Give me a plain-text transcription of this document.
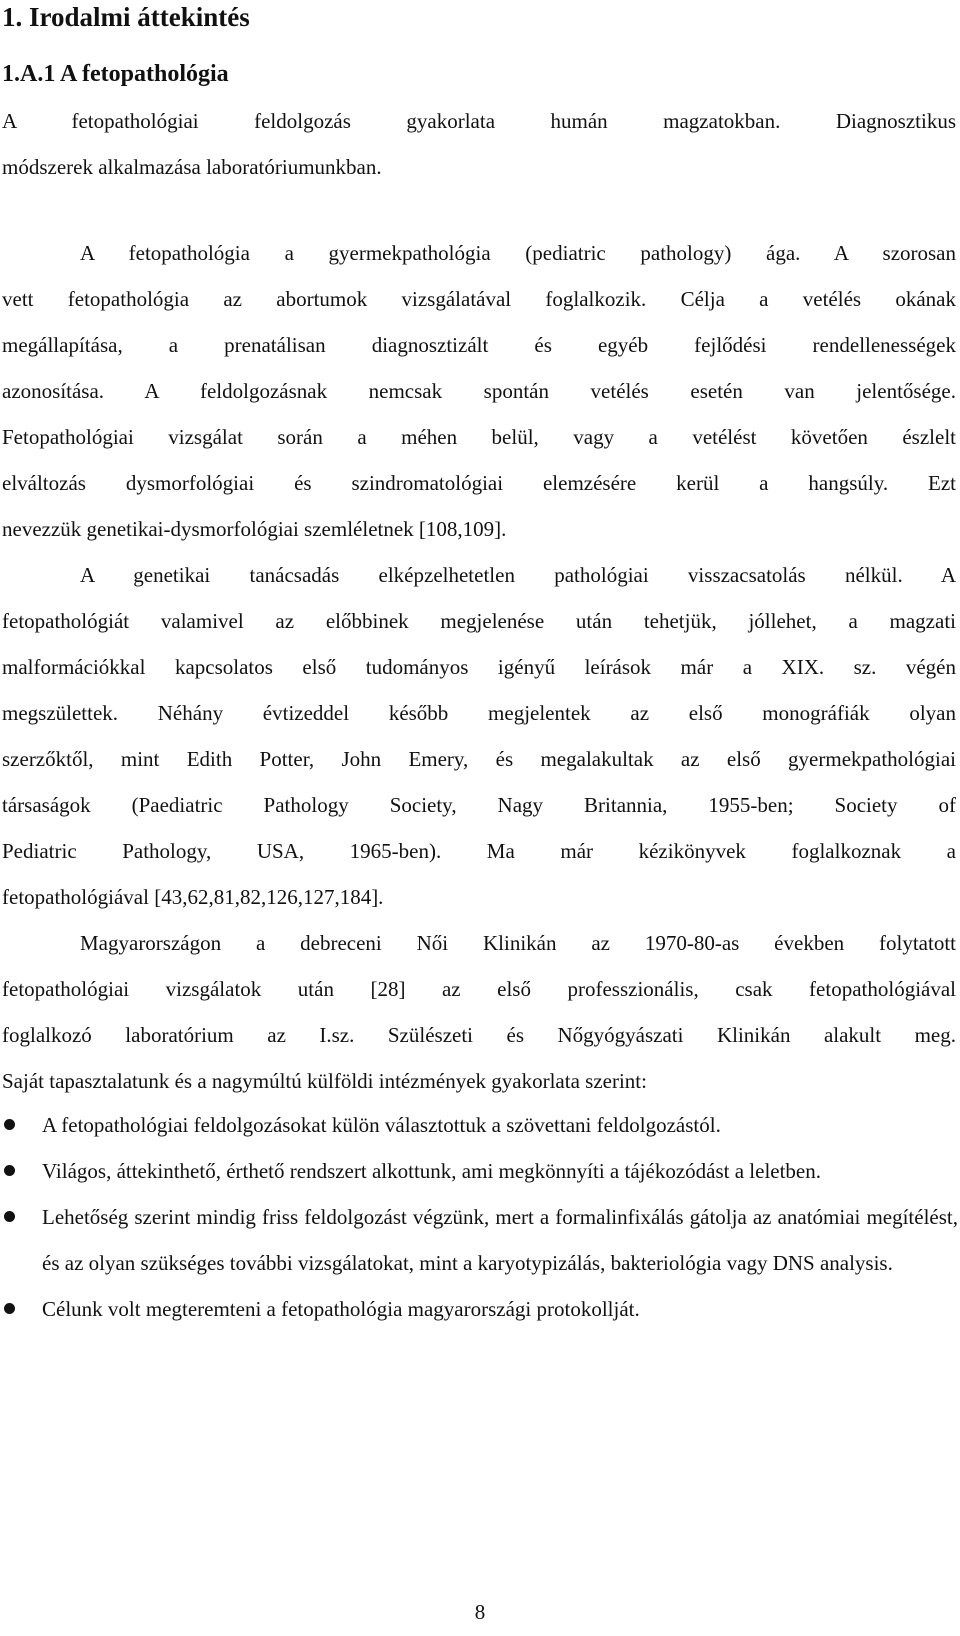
1. Irodalmi áttekintés
1.A.1 A fetopathológia
A fetopathológiai feldolgozás gyakorlata humán magzatokban. Diagnosztikus
módszerek alkalmazása laboratóriumunkban.
A fetopathológia a gyermekpathológia (pediatric pathology) ága. A szorosan
vett fetopathológia az abortumok vizsgálatával foglalkozik. Célja a vetélés okának
megállapítása, a prenatálisan diagnosztizált és egyéb fejlődési rendellenességek
azonosítása. A feldolgozásnak nemcsak spontán vetélés esetén van jelentősége.
Fetopathológiai vizsgálat során a méhen belül, vagy a vetélést követően észlelt
elváltozás dysmorfológiai és szindromatológiai elemzésére kerül a hangsúly. Ezt
nevezzük genetikai-dysmorfológiai szemléletnek [108,109].
A genetikai tanácsadás elképzelhetetlen pathológiai visszacsatolás nélkül. A
fetopathológiát valamivel az előbbinek megjelenése után tehetjük, jóllehet, a magzati
malformációkkal kapcsolatos első tudományos igényű leírások már a XIX. sz. végén
megszülettek. Néhány évtizeddel később megjelentek az első monográfiák olyan
szerzőktől, mint Edith Potter, John Emery, és megalakultak az első gyermekpathológiai
társaságok (Paediatric Pathology Society, Nagy Britannia, 1955-ben; Society of
Pediatric Pathology, USA, 1965-ben). Ma már kézikönyvek foglalkoznak a
fetopathológiával [43,62,81,82,126,127,184].
Magyarországon a debreceni Női Klinikán az 1970-80-as években folytatott
fetopathológiai vizsgálatok után [28] az első professzionális, csak fetopathológiával
foglalkozó laboratórium az I.sz. Szülészeti és Nőgyógyászati Klinikán alakult meg.
Saját tapasztalatunk és a nagymúltú külföldi intézmények gyakorlata szerint:
A fetopathológiai feldolgozásokat külön választottuk a szövettani feldolgozástól.
Világos, áttekinthető, érthető rendszert alkottunk, ami megkönnyíti a tájékozódást a leletben.
Lehetőség szerint mindig friss feldolgozást végzünk, mert a formalinfixálás gátolja az anatómiai megítélést, és az olyan szükséges további vizsgálatokat, mint a karyotypizálás, bakteriológia vagy DNS analysis.
Célunk volt megteremteni a fetopathológia magyarországi protokollját.
8
